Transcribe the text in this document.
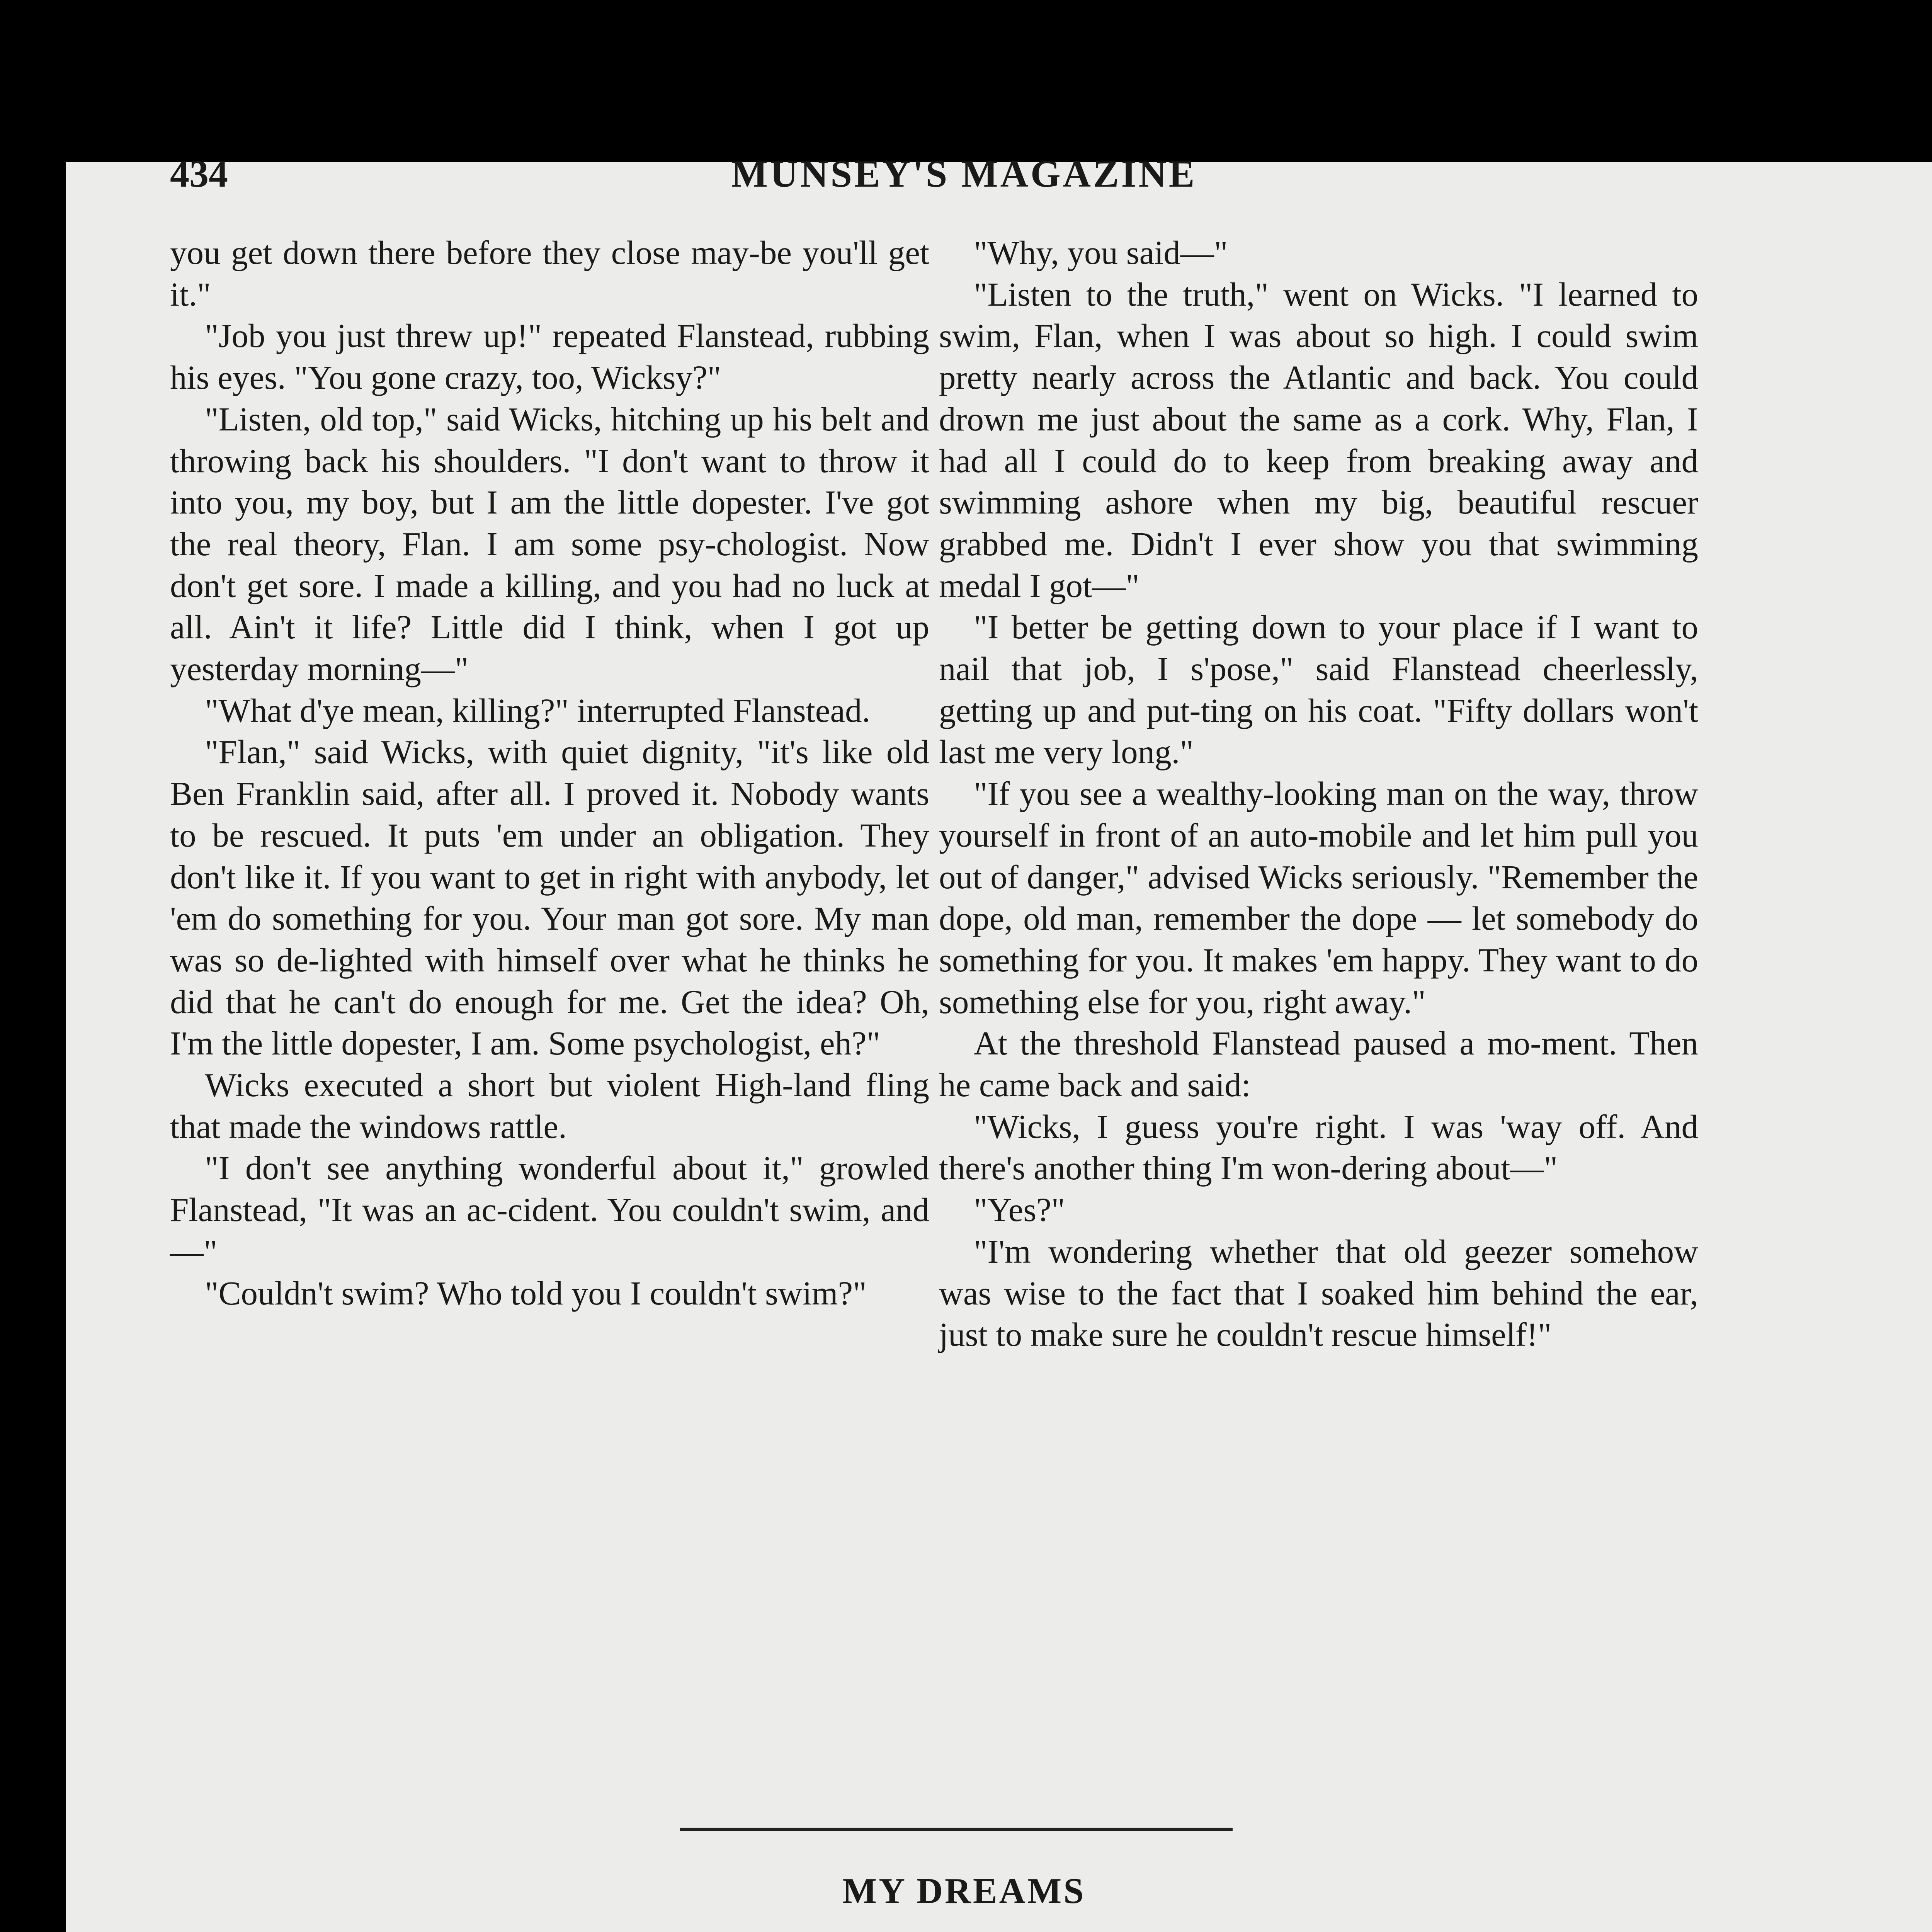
434	MUNSEY'S MAGAZINE

you get down there before they close may-be you'll get it."

"Job you just threw up!" repeated Flanstead, rubbing his eyes. "You gone crazy, too, Wicksy?"

"Listen, old top," said Wicks, hitching up his belt and throwing back his shoulders. "I don't want to throw it into you, my boy, but I am the little dopester. I've got the real theory, Flan. I am some psy-chologist. Now don't get sore. I made a killing, and you had no luck at all. Ain't it life? Little did I think, when I got up yesterday morning—"

"What d'ye mean, killing?" interrupted Flanstead.

"Flan," said Wicks, with quiet dignity, "it's like old Ben Franklin said, after all. I proved it. Nobody wants to be rescued. It puts 'em under an obligation. They don't like it. If you want to get in right with anybody, let 'em do something for you. Your man got sore. My man was so de-lighted with himself over what he thinks he did that he can't do enough for me. Get the idea? Oh, I'm the little dopester, I am. Some psychologist, eh?"

Wicks executed a short but violent High-land fling that made the windows rattle.

"I don't see anything wonderful about it," growled Flanstead, "It was an ac-cident. You couldn't swim, and—"

"Couldn't swim? Who told you I couldn't swim?"

"Why, you said—"

"Listen to the truth," went on Wicks. "I learned to swim, Flan, when I was about so high. I could swim pretty nearly across the Atlantic and back. You could drown me just about the same as a cork. Why, Flan, I had all I could do to keep from breaking away and swimming ashore when my big, beautiful rescuer grabbed me. Didn't I ever show you that swimming medal I got—"

"I better be getting down to your place if I want to nail that job, I s'pose," said Flanstead cheerlessly, getting up and put-ting on his coat. "Fifty dollars won't last me very long."

"If you see a wealthy-looking man on the way, throw yourself in front of an auto-mobile and let him pull you out of danger," advised Wicks seriously. "Remember the dope, old man, remember the dope — let somebody do something for you. It makes 'em happy. They want to do something else for you, right away."

At the threshold Flanstead paused a mo-ment. Then he came back and said:

"Wicks, I guess you're right. I was 'way off. And there's another thing I'm won-dering about—"

"Yes?"

"I'm wondering whether that old geezer somehow was wise to the fact that I soaked him behind the ear, just to make sure he couldn't rescue himself!"

MY DREAMS
